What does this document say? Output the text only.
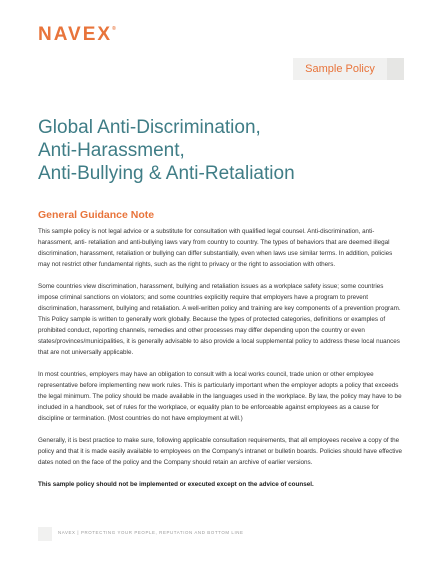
NAVEX®
Sample Policy
Global Anti-Discrimination,
Anti-Harassment,
Anti-Bullying & Anti-Retaliation
General Guidance Note

This sample policy is not legal advice or a substitute for consultation with qualified legal counsel. Anti-discrimination, anti- harassment, anti- retaliation and anti-bullying laws vary from country to country. The types of behaviors that are deemed illegal discrimination, harassment, retaliation or bullying can differ substantially, even when laws use similar terms. In addition, policies may not restrict other fundamental rights, such as the right to privacy or the right to association with others.

Some countries view discrimination, harassment, bullying and retaliation issues as a workplace safety issue; some countries impose criminal sanctions on violators; and some countries explicitly require that employers have a program to prevent discrimination, harassment, bullying and retaliation. A well-written policy and training are key components of a prevention program. This Policy sample is written to generally work globally. Because the types of protected categories, definitions or examples of prohibited conduct, reporting channels, remedies and other processes may differ depending upon the country or even states/provinces/municipalities, it is generally advisable to also provide a local supplemental policy to address these local nuances that are not universally applicable.

In most countries, employers may have an obligation to consult with a local works council, trade union or other employee representative before implementing new work rules. This is particularly important when the employer adopts a policy that exceeds the legal minimum. The policy should be made available in the languages used in the workplace. By law, the policy may have to be included in a handbook, set of rules for the workplace, or equality plan to be enforceable against employees as a cause for discipline or termination. (Most countries do not have employment at will.)

Generally, it is best practice to make sure, following applicable consultation requirements, that all employees receive a copy of the policy and that it is made easily available to employees on the Company's intranet or bulletin boards. Policies should have effective dates noted on the face of the policy and the Company should retain an archive of earlier versions.

This sample policy should not be implemented or executed except on the advice of counsel.

NAVEX | PROTECTING YOUR PEOPLE, REPUTATION AND BOTTOM LINE
